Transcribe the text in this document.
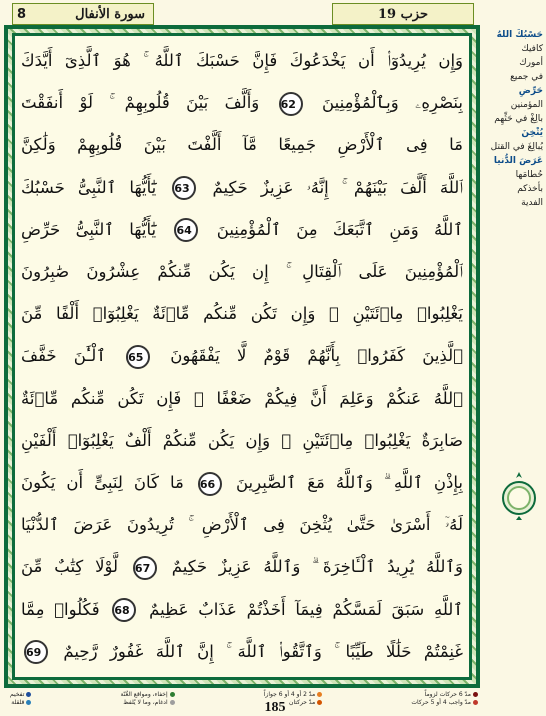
8	سورة الأنفال	حزب 19
وَإِن يُرِيدُوٓا۟ أَن يَخْدَعُوكَ فَإِنَّ حَسْبَكَ ٱللَّهُ ۚ هُوَ ٱلَّذِىٓ أَيَّدَكَ
بِنَصْرِهِۦ وَبِٱلْمُؤْمِنِينَ 62 وَأَلَّفَ بَيْنَ قُلُوبِهِمْ ۚ لَوْ أَنفَقْتَ
مَا فِى ٱلْأَرْضِ جَمِيعًا مَّآ أَلَّفْتَ بَيْنَ قُلُوبِهِمْ وَلَٰكِنَّ
ٱللَّهَ أَلَّفَ بَيْنَهُمْ ۚ إِنَّهُۥ عَزِيزٌ حَكِيمٌ 63 يَٰٓأَيُّهَا ٱلنَّبِىُّ حَسْبُكَ
ٱللَّهُ وَمَنِ ٱتَّبَعَكَ مِنَ ٱلْمُؤْمِنِينَ 64 يَٰٓأَيُّهَا ٱلنَّبِىُّ حَرِّضِ
ٱلْمُؤْمِنِينَ عَلَى ٱلْقِتَالِ ۚ إِن يَكُن مِّنكُمْ عِشْرُونَ صَٰبِرُونَ
يَغْلِبُوا۟ مِا۟ئَتَيْنِ ۚ وَإِن تَكُن مِّنكُم مِّا۟ئَةٌ يَغْلِبُوٓا۟ أَلْفًا مِّنَ
ٱلَّذِينَ كَفَرُوا۟ بِأَنَّهُمْ قَوْمٌ لَّا يَفْقَهُونَ 65 ٱلْـَٰٔنَ خَفَّفَ
ٱللَّهُ عَنكُمْ وَعَلِمَ أَنَّ فِيكُمْ ضَعْفًا ۚ فَإِن تَكُن مِّنكُم مِّا۟ئَةٌ
صَابِرَةٌ يَغْلِبُوا۟ مِا۟ئَتَيْنِ ۚ وَإِن يَكُن مِّنكُمْ أَلْفٌ يَغْلِبُوٓا۟ أَلْفَيْنِ
بِإِذْنِ ٱللَّهِ ۗ وَٱللَّهُ مَعَ ٱلصَّٰبِرِينَ 66 مَا كَانَ لِنَبِىٍّ أَن يَكُونَ
لَهُۥٓ أَسْرَىٰ حَتَّىٰ يُثْخِنَ فِى ٱلْأَرْضِ ۚ تُرِيدُونَ عَرَضَ ٱلدُّنْيَا
وَٱللَّهُ يُرِيدُ ٱلْـَٔاخِرَةَ ۗ وَٱللَّهُ عَزِيزٌ حَكِيمٌ 67 لَّوْلَا كِتَٰبٌ مِّنَ
ٱللَّهِ سَبَقَ لَمَسَّكُمْ فِيمَآ أَخَذْتُمْ عَذَابٌ عَظِيمٌ 68 فَكُلُوا۟ مِمَّا
غَنِمْتُمْ حَلَٰلًا طَيِّبًا ۚ وَٱتَّقُوا۟ ٱللَّهَ ۚ إِنَّ ٱللَّهَ غَفُورٌ رَّحِيمٌ 69
حَسْبُكَ اللهُ
كافيك
أمورك
في جميع
حَرِّضِ
المؤمنين
بالِغْ في حَثِّهِم
يُثْخِنَ
يُبالِغَ في القتل
عَرَضَ الدُّنيا
حُطامَها
بأخذكم
الفدية
مدّ 6 حركات لزوماً
مدّ واجب 4 أو 5 حركات
مدّ 2 أو 4 أو 6 جوازاً
مدّ حركتان
إخفاء، ومواقع الغُنّة
ادغام، وما لا يُلفظ
تفخيم
قلقلة	185
